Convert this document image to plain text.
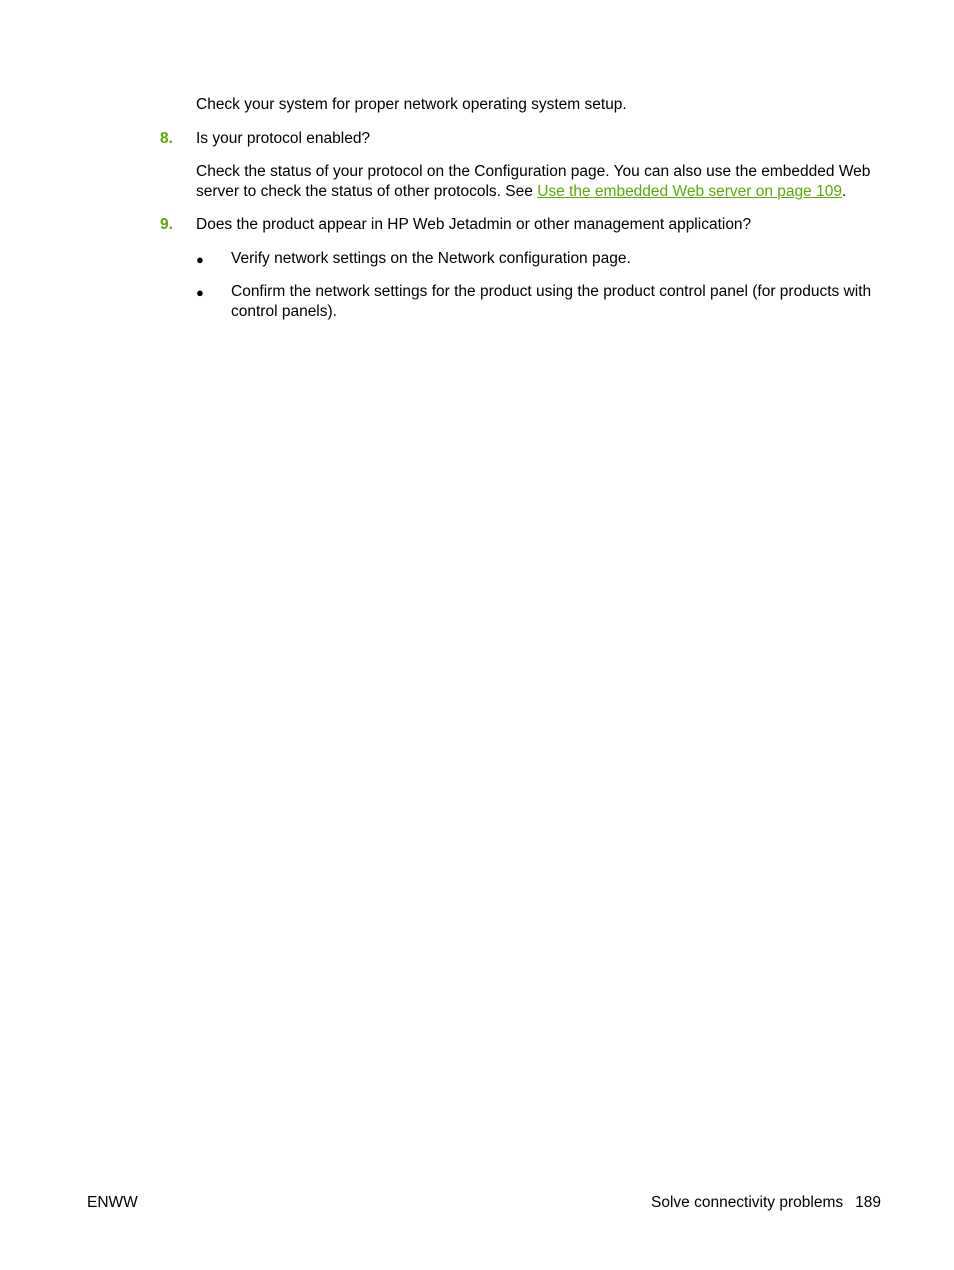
Check your system for proper network operating system setup.

8. Is your protocol enabled?

Check the status of your protocol on the Configuration page. You can also use the embedded Web server to check the status of other protocols. See Use the embedded Web server on page 109.

9. Does the product appear in HP Web Jetadmin or other management application?

● Verify network settings on the Network configuration page.

● Confirm the network settings for the product using the product control panel (for products with control panels).

ENWW	Solve connectivity problems 189
